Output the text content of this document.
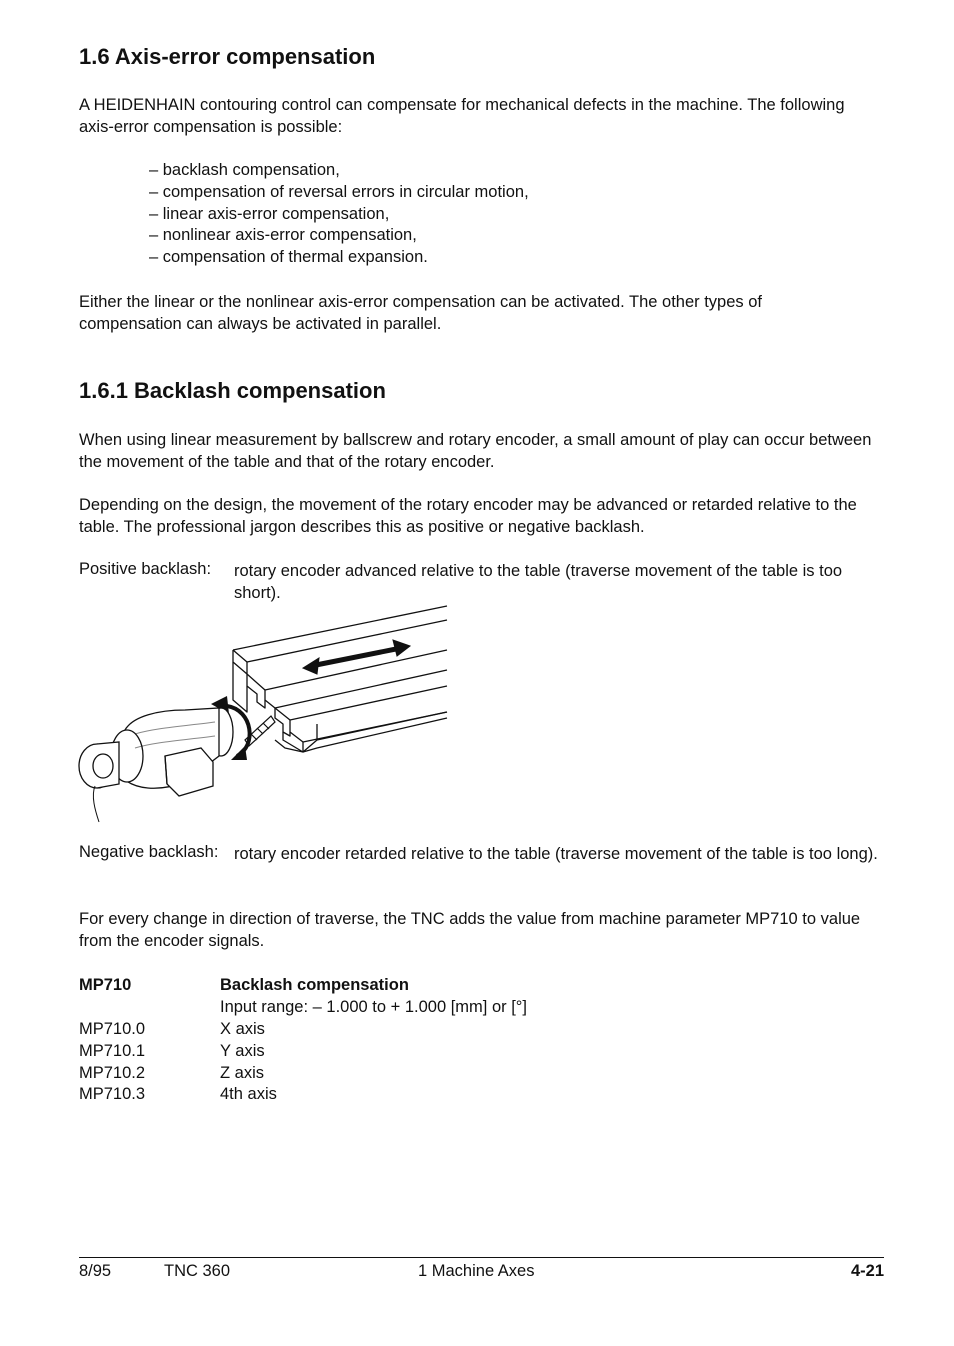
1.6 Axis-error compensation

A HEIDENHAIN contouring control can compensate for mechanical defects in the machine. The following axis-error compensation is possible:

– backlash compensation,
– compensation of reversal errors in circular motion,
– linear axis-error compensation,
– nonlinear axis-error compensation,
– compensation of thermal expansion.

Either the linear or the nonlinear axis-error compensation can be activated. The other types of compensation can always be activated in parallel.

1.6.1 Backlash compensation

When using linear measurement by ballscrew and rotary encoder, a small amount of play can occur between the movement of the table and that of the rotary encoder.

Depending on the design, the movement of the rotary encoder may be advanced or retarded relative to the table. The professional jargon describes this as positive or negative backlash.

Positive backlash: rotary encoder advanced relative to the table (traverse movement of the table is too short).
Negative backlash: rotary encoder retarded relative to the table (traverse movement of the table is too long).

For every change in direction of traverse, the TNC adds the value from machine parameter MP710 to value from the encoder signals.

MP710	Backlash compensation
Input range: – 1.000 to + 1.000 [mm] or [°]
MP710.0	X axis
MP710.1	Y axis
MP710.2	Z axis
MP710.3	4th axis
8/95	TNC 360	1 Machine Axes	4-21
